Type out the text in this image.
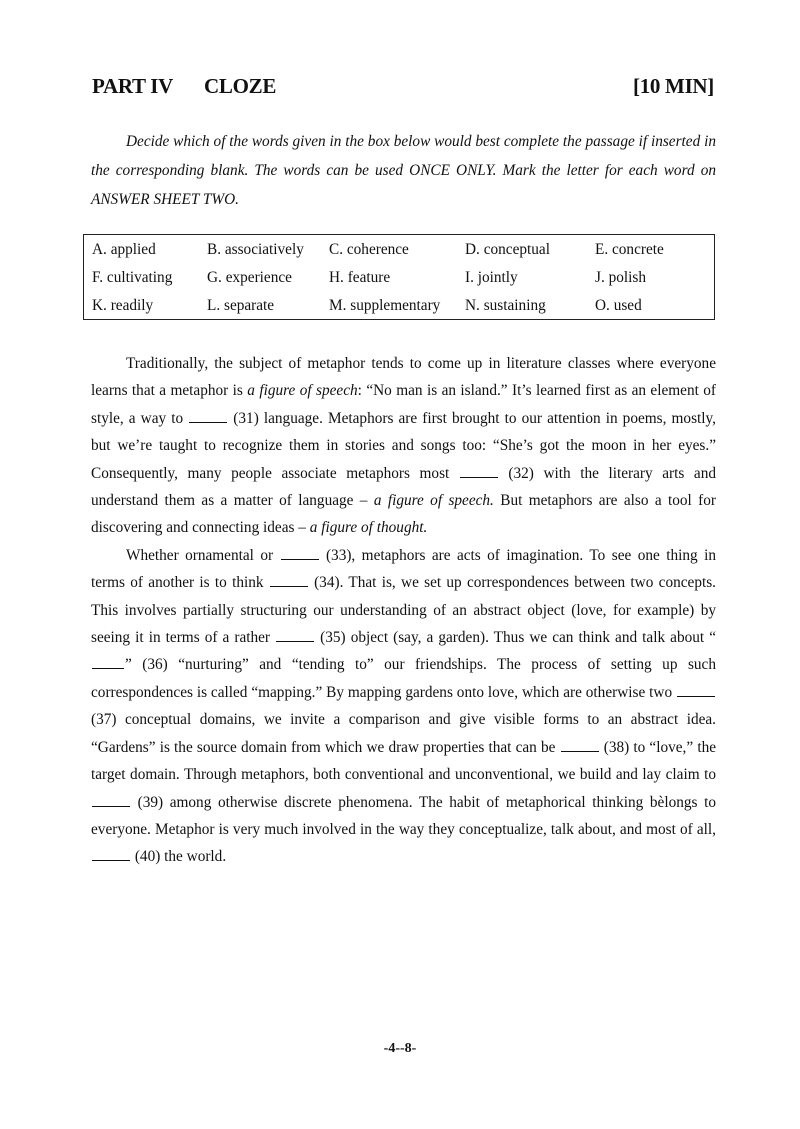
PART IV CLOZE	[10 MIN]
Decide which of the words given in the box below would best complete the passage if inserted in the corresponding blank. The words can be used ONCE ONLY. Mark the letter for each word on ANSWER SHEET TWO.
A. applied	B. associatively C. coherence	D. conceptual	E. concrete
F. cultivating G. experience H. feature	I. jointly	J. polish
K. readily	L. separate	M. supplementary N. sustaining	O. used

Traditionally, the subject of metaphor tends to come up in literature classes where everyone learns that a metaphor is a figure of speech: “No man is an island.” It’s learned first as an element of style, a way to	(31) language. Metaphors are first brought to our attention in poems, mostly, but we’re taught to recognize them in stories and songs too: “She’s got the moon in her eyes.” Consequently, many people associate metaphors most	(32) with the literary arts and understand them as a matter of language – a figure of speech. But metaphors are also a tool for discovering and connecting ideas – a figure of thought.

Whether ornamental or	(33), metaphors are acts of imagination. To see one thing in terms of another is to think	(34). That is, we set up correspondences between two concepts. This involves partially structuring our understanding of an abstract object (love, for example) by seeing it in terms of a rather	(35) object (say, a garden). Thus we can think and talk about “” (36) “nurturing” and “tending to” our friendships. The process of setting up such correspondences is called “mapping.” By mapping gardens onto love, which are otherwise two  (37) conceptual domains, we invite a comparison and give visible forms to an abstract idea. “Gardens” is the source domain from which we draw properties that can be	(38) to “love,” the target domain. Through metaphors, both conventional and unconventional, we build and lay claim to  (39) among otherwise discrete phenomena. The habit of metaphorical thinking bèlongs to everyone. Metaphor is very much involved in the way they conceptualize, talk about, and most of all,  (40) the world.

-4--8-
